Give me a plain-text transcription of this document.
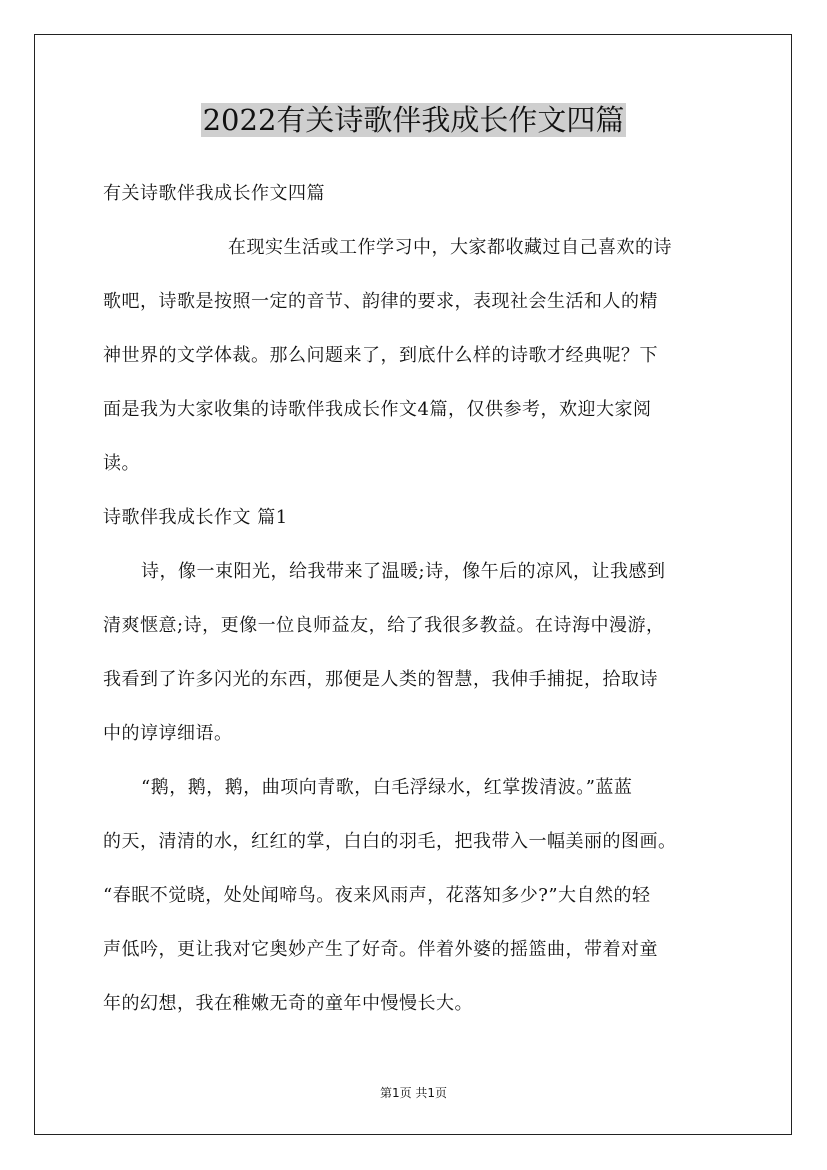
2022有关诗歌伴我成长作文四篇
有关诗歌伴我成长作文四篇
在现实生活或工作学习中，大家都收藏过自己喜欢的诗
歌吧，诗歌是按照一定的音节、韵律的要求，表现社会生活和人的精
神世界的文学体裁。那么问题来了，到底什么样的诗歌才经典呢？下
面是我为大家收集的诗歌伴我成长作文4篇，仅供参考，欢迎大家阅
读。
诗歌伴我成长作文 篇1
诗，像一束阳光，给我带来了温暖;诗，像午后的凉风，让我感到
清爽惬意;诗，更像一位良师益友，给了我很多教益。在诗海中漫游，
我看到了许多闪光的东西，那便是人类的智慧，我伸手捕捉，拾取诗
中的谆谆细语。
“鹅，鹅，鹅，曲项向青歌，白毛浮绿水，红掌拨清波。”蓝蓝
的天，清清的水，红红的掌，白白的羽毛，把我带入一幅美丽的图画。
“春眠不觉晓，处处闻啼鸟。夜来风雨声，花落知多少?”大自然的轻
声低吟，更让我对它奥妙产生了好奇。伴着外婆的摇篮曲，带着对童
年的幻想，我在稚嫩无奇的童年中慢慢长大。
第1页 共1页
